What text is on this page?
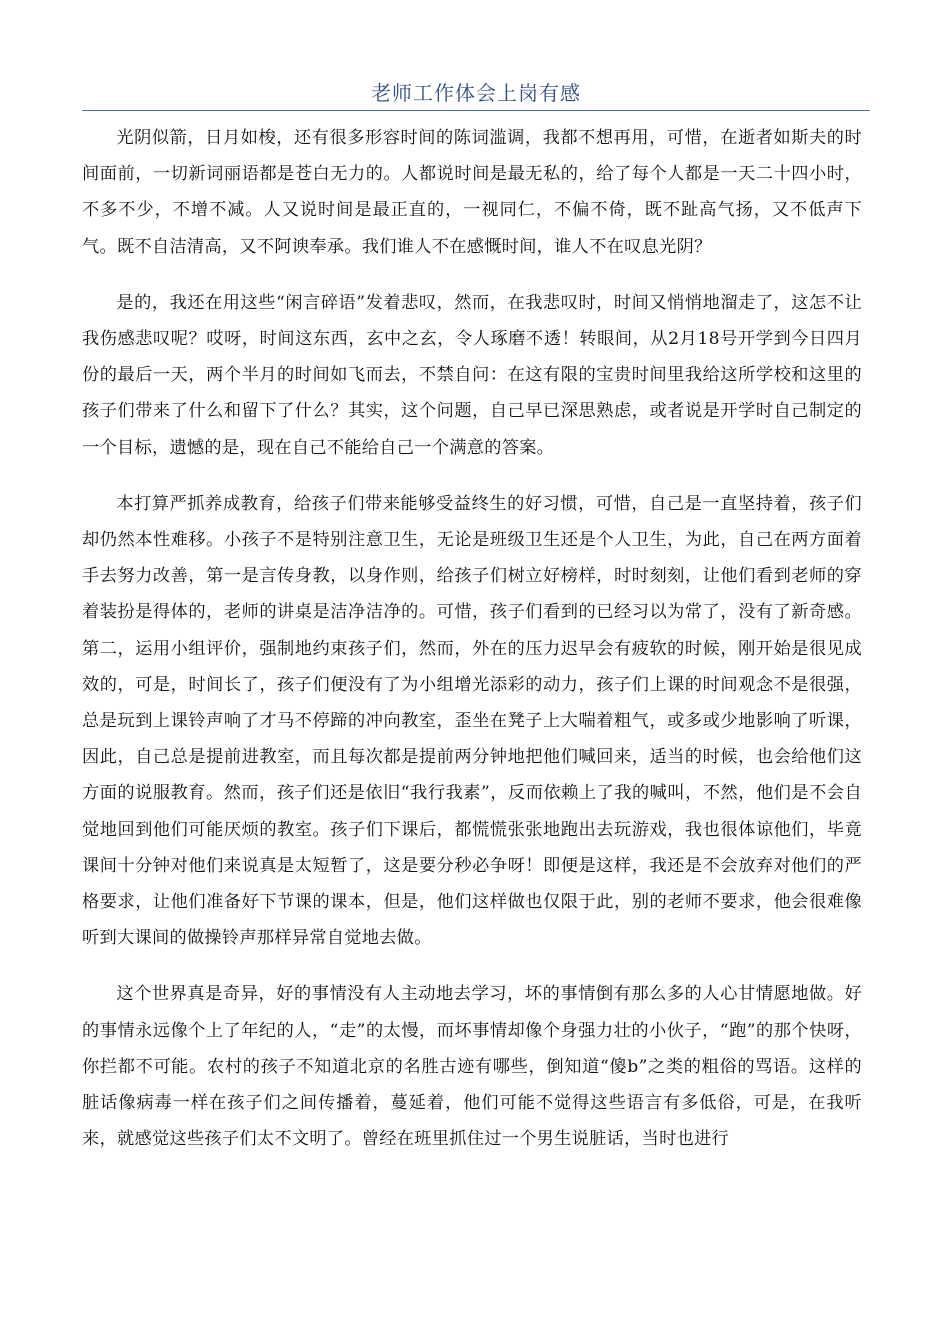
老师工作体会上岗有感

光阴似箭，日月如梭，还有很多形容时间的陈词滥调，我都不想再用，可惜，在逝者如斯夫的时间面前，一切新词丽语都是苍白无力的。人都说时间是最无私的，给了每个人都是一天二十四小时，不多不少，不增不减。人又说时间是最正直的，一视同仁，不偏不倚，既不趾高气扬，又不低声下气。既不自洁清高，又不阿谀奉承。我们谁人不在感慨时间，谁人不在叹息光阴？

是的，我还在用这些“闲言碎语”发着悲叹，然而，在我悲叹时，时间又悄悄地溜走了，这怎不让我伤感悲叹呢？哎呀，时间这东西，玄中之玄，令人琢磨不透！转眼间，从2月18号开学到今日四月份的最后一天，两个半月的时间如飞而去，不禁自问：在这有限的宝贵时间里我给这所学校和这里的孩子们带来了什么和留下了什么？其实，这个问题，自己早已深思熟虑，或者说是开学时自己制定的一个目标，遗憾的是，现在自己不能给自己一个满意的答案。

本打算严抓养成教育，给孩子们带来能够受益终生的好习惯，可惜，自己是一直坚持着，孩子们却仍然本性难移。小孩子不是特别注意卫生，无论是班级卫生还是个人卫生，为此，自己在两方面着手去努力改善，第一是言传身教，以身作则，给孩子们树立好榜样，时时刻刻，让他们看到老师的穿着装扮是得体的，老师的讲桌是洁净洁净的。可惜，孩子们看到的已经习以为常了，没有了新奇感。第二，运用小组评价，强制地约束孩子们，然而，外在的压力迟早会有疲软的时候，刚开始是很见成效的，可是，时间长了，孩子们便没有了为小组增光添彩的动力，孩子们上课的时间观念不是很强，总是玩到上课铃声响了才马不停蹄的冲向教室，歪坐在凳子上大喘着粗气，或多或少地影响了听课，因此，自己总是提前进教室，而且每次都是提前两分钟地把他们喊回来，适当的时候，也会给他们这方面的说服教育。然而，孩子们还是依旧“我行我素”，反而依赖上了我的喊叫，不然，他们是不会自觉地回到他们可能厌烦的教室。孩子们下课后，都慌慌张张地跑出去玩游戏，我也很体谅他们，毕竟课间十分钟对他们来说真是太短暂了，这是要分秒必争呀！即便是这样，我还是不会放弃对他们的严格要求，让他们准备好下节课的课本，但是，他们这样做也仅限于此，别的老师不要求，他会很难像听到大课间的做操铃声那样异常自觉地去做。

这个世界真是奇异，好的事情没有人主动地去学习，坏的事情倒有那么多的人心甘情愿地做。好的事情永远像个上了年纪的人，“走”的太慢，而坏事情却像个身强力壮的小伙子，“跑”的那个快呀，你拦都不可能。农村的孩子不知道北京的名胜古迹有哪些，倒知道“傻b”之类的粗俗的骂语。这样的脏话像病毒一样在孩子们之间传播着，蔓延着，他们可能不觉得这些语言有多低俗，可是，在我听来，就感觉这些孩子们太不文明了。曾经在班里抓住过一个男生说脏话，当时也进行
